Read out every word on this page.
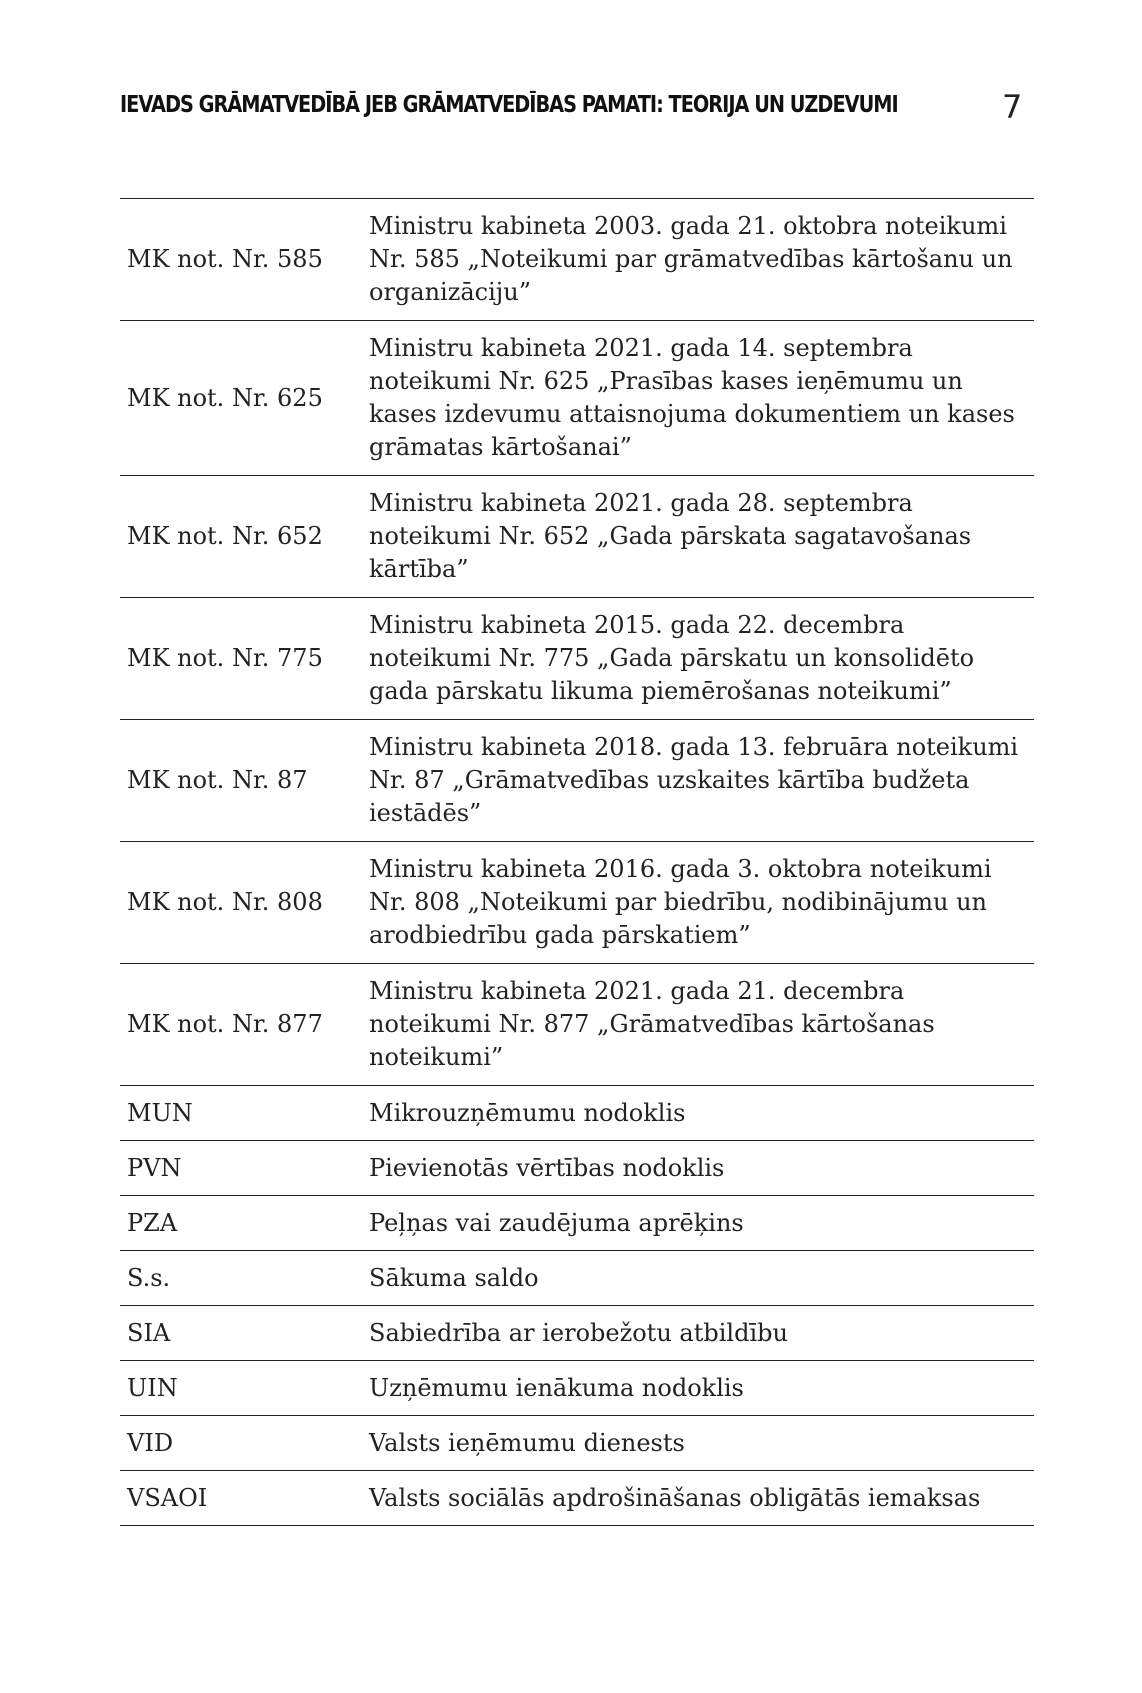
IEVADS GRĀMATVEDĪBĀ JEB GRĀMATVEDĪBAS PAMATI: TEORIJA UN UZDEVUMI	7
MK not. Nr. 585	Ministru kabineta 2003. gada 21. oktobra noteikumi Nr. 585 „Noteikumi par grāmatvedības kārtošanu un organizāciju”
MK not. Nr. 625	Ministru kabineta 2021. gada 14. septembra noteikumi Nr. 625 „Prasības kases ieņēmumu un kases izdevumu attaisnojuma dokumentiem un kases grāmatas kārtošanai”
MK not. Nr. 652	Ministru kabineta 2021. gada 28. septembra noteikumi Nr. 652 „Gada pārskata sagatavošanas kārtība”
MK not. Nr. 775	Ministru kabineta 2015. gada 22. decembra noteikumi Nr. 775 „Gada pārskatu un konsolidēto gada pārskatu likuma piemērošanas noteikumi”
MK not. Nr. 87	Ministru kabineta 2018. gada 13. februāra noteikumi Nr. 87 „Grāmatvedības uzskaites kārtība budžeta iestādēs”
MK not. Nr. 808	Ministru kabineta 2016. gada 3. oktobra noteikumi Nr. 808 „Noteikumi par biedrību, nodibinājumu un arodbiedrību gada pārskatiem”
MK not. Nr. 877	Ministru kabineta 2021. gada 21. decembra noteikumi Nr. 877 „Grāmatvedības kārtošanas noteikumi”
MUN	Mikrouzņēmumu nodoklis
PVN	Pievienotās vērtības nodoklis
PZA	Peļņas vai zaudējuma aprēķins
S.s.	Sākuma saldo
SIA	Sabiedrība ar ierobežotu atbildību
UIN	Uzņēmumu ienākuma nodoklis
VID	Valsts ieņēmumu dienests
VSAOI	Valsts sociālās apdrošināšanas obligātās iemaksas
